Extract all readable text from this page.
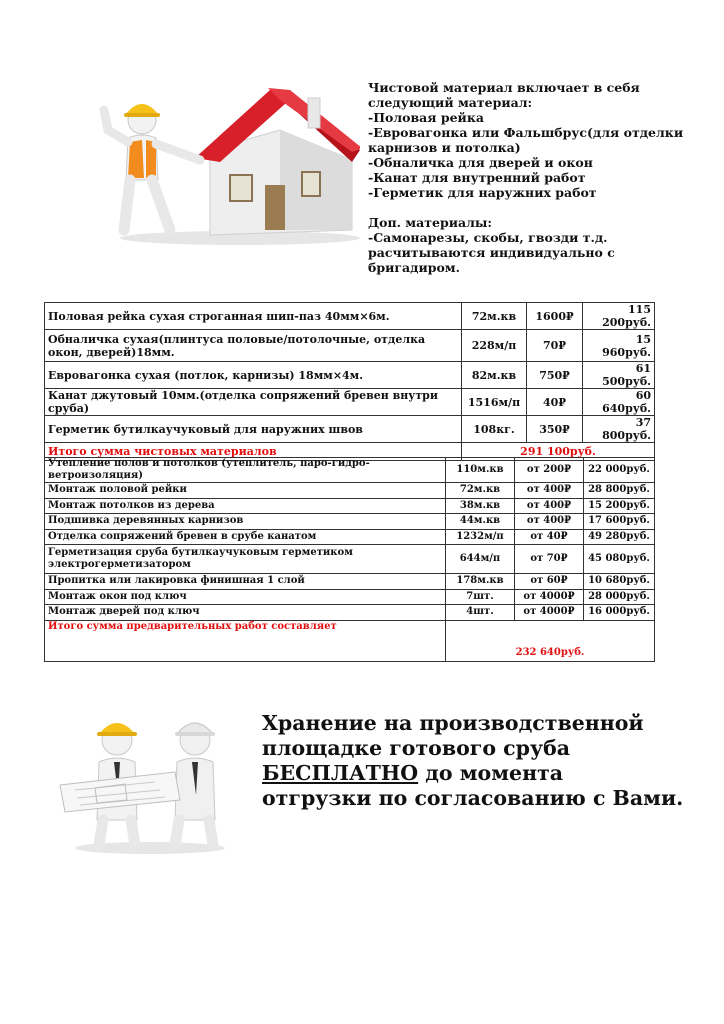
Чистовой материал включает в себя
следующий материал:
-Половая рейка
-Евровагонка или Фальшбрус(для отделки
карнизов и потолка)
-Обналичка для дверей и окон
-Канат для внутренний работ
-Герметик для наружних работ
Доп. материалы:
-Самонарезы, скобы, гвозди т.д.
расчитываются индивидуально с
бригадиром.
Половая рейка сухая строганная шип-паз 40мм×6м.	72м.кв	1600₽	115 200руб.
Обналичка сухая(плинтуса половые/потолочные, отделка окон, дверей)18мм.	228м/п	70₽	15 960руб.
Евровагонка сухая (потлок, карнизы) 18мм×4м.	82м.кв	750₽	61 500руб.
Канат джутовый 10мм.(отделка сопряжений бревен внутри сруба)	1516м/п	40₽	60 640руб.
Герметик бутилкаучуковый для наружних швов	108кг.	350₽	37 800руб.
Итого сумма чистовых материалов	291 100руб.		
Утепление полов и потолков (утеплитель, паро-гидро-ветроизоляция)	110м.кв	от 200₽	22 000руб.
Монтаж половой рейки	72м.кв	от 400₽	28 800руб.
Монтаж потолков из дерева	38м.кв	от 400₽	15 200руб.
Подшивка деревянных карнизов	44м.кв	от 400₽	17 600руб.
Отделка сопряжений бревен в срубе канатом	1232м/п	от 40₽	49 280руб.
Герметизация сруба бутилкаучуковым герметиком электрогерметизатором	644м/п	от 70₽	45 080руб.
Пропитка или лакировка финишная 1 слой	178м.кв	от 60₽	10 680руб.
Монтаж окон под ключ	7шт.	от 4000₽	28 000руб.
Монтаж дверей под ключ	4шт.	от 4000₽	16 000руб.
Итого сумма предварительных работ составляет	232 640руб.		
Хранение на производственной
площадке готового сруба
БЕСПЛАТНО до момента
отгрузки по согласованию с Вами.
